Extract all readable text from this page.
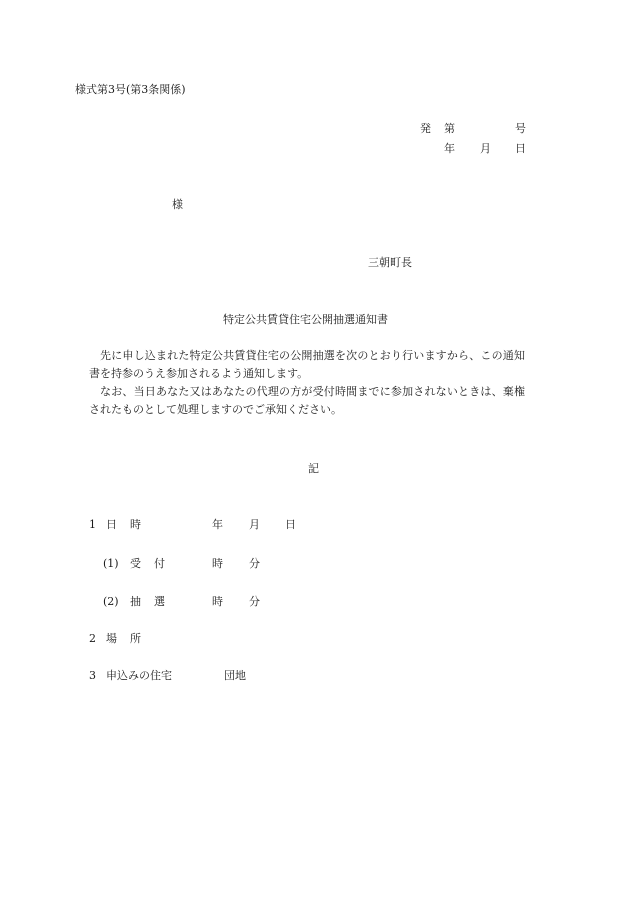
様式第3号(第3条関係)
発 第	号
年 月 日
様
三朝町長
特定公共賃貸住宅公開抽選通知書

先に申し込まれた特定公共賃貸住宅の公開抽選を次のとおり行いますから、この通知書を持参のうえ参加されるよう通知します。

なお、当日あなた又はあなたの代理の方が受付時間までに参加されないときは、棄権されたものとして処理しますのでご承知ください。

記
1 日 時	年 月 日
(1) 受 付	時 分
(2) 抽 選	時 分
2 場 所
3 申込みの住宅	団地
